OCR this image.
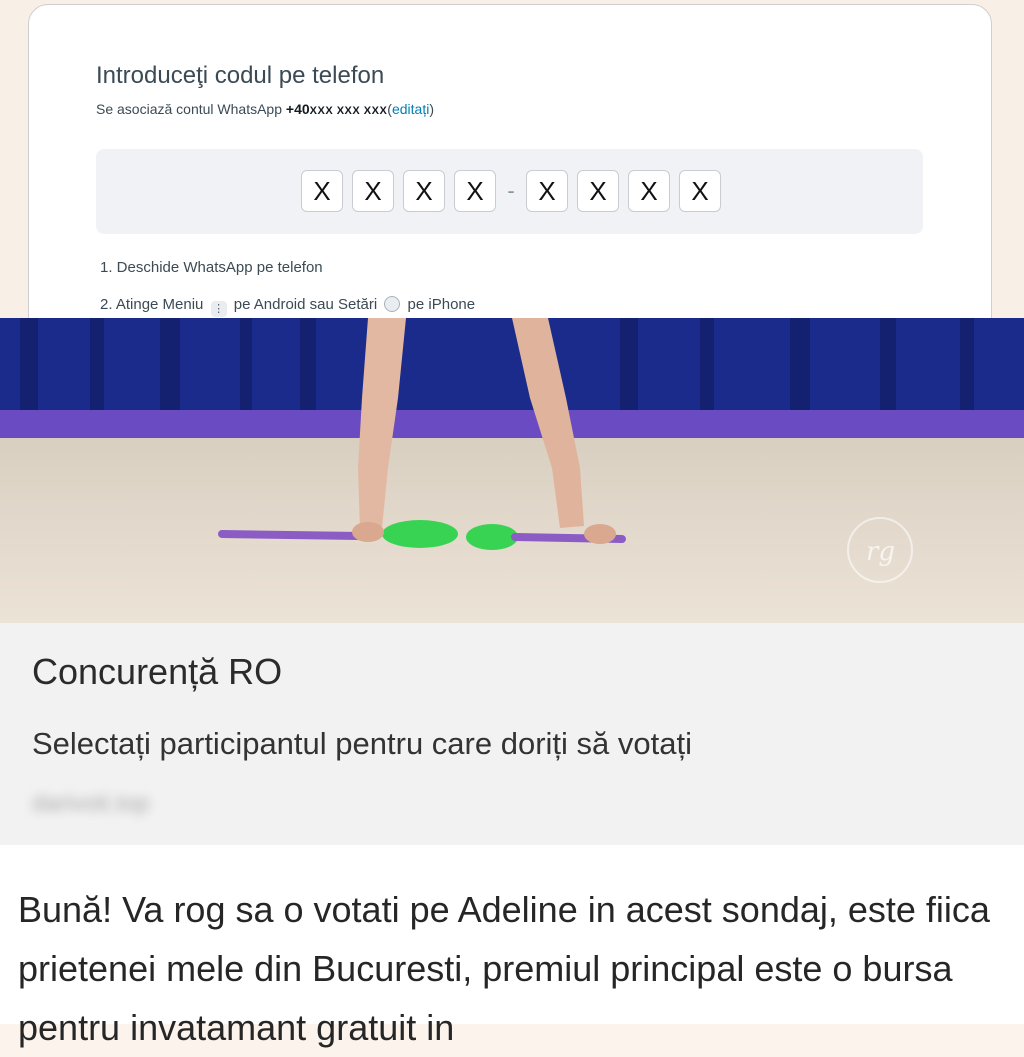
Introduceţi codul pe telefon
Se asociază contul WhatsApp +40XXX XXX XXX(editați)
X	X	X	X	- X	X	X	X
1. Deschide WhatsApp pe telefon
2. Atinge Meniu ⋮ pe Android sau Setări pe iPhone
rg
Concurență RO
Selectați participantul pentru care doriți să votați
darivoti.top
Bună! Va rog sa o votati pe Adeline in acest sondaj, este fiica prietenei mele din Bucuresti, premiul principal este o bursa pentru invatamant gratuit in
